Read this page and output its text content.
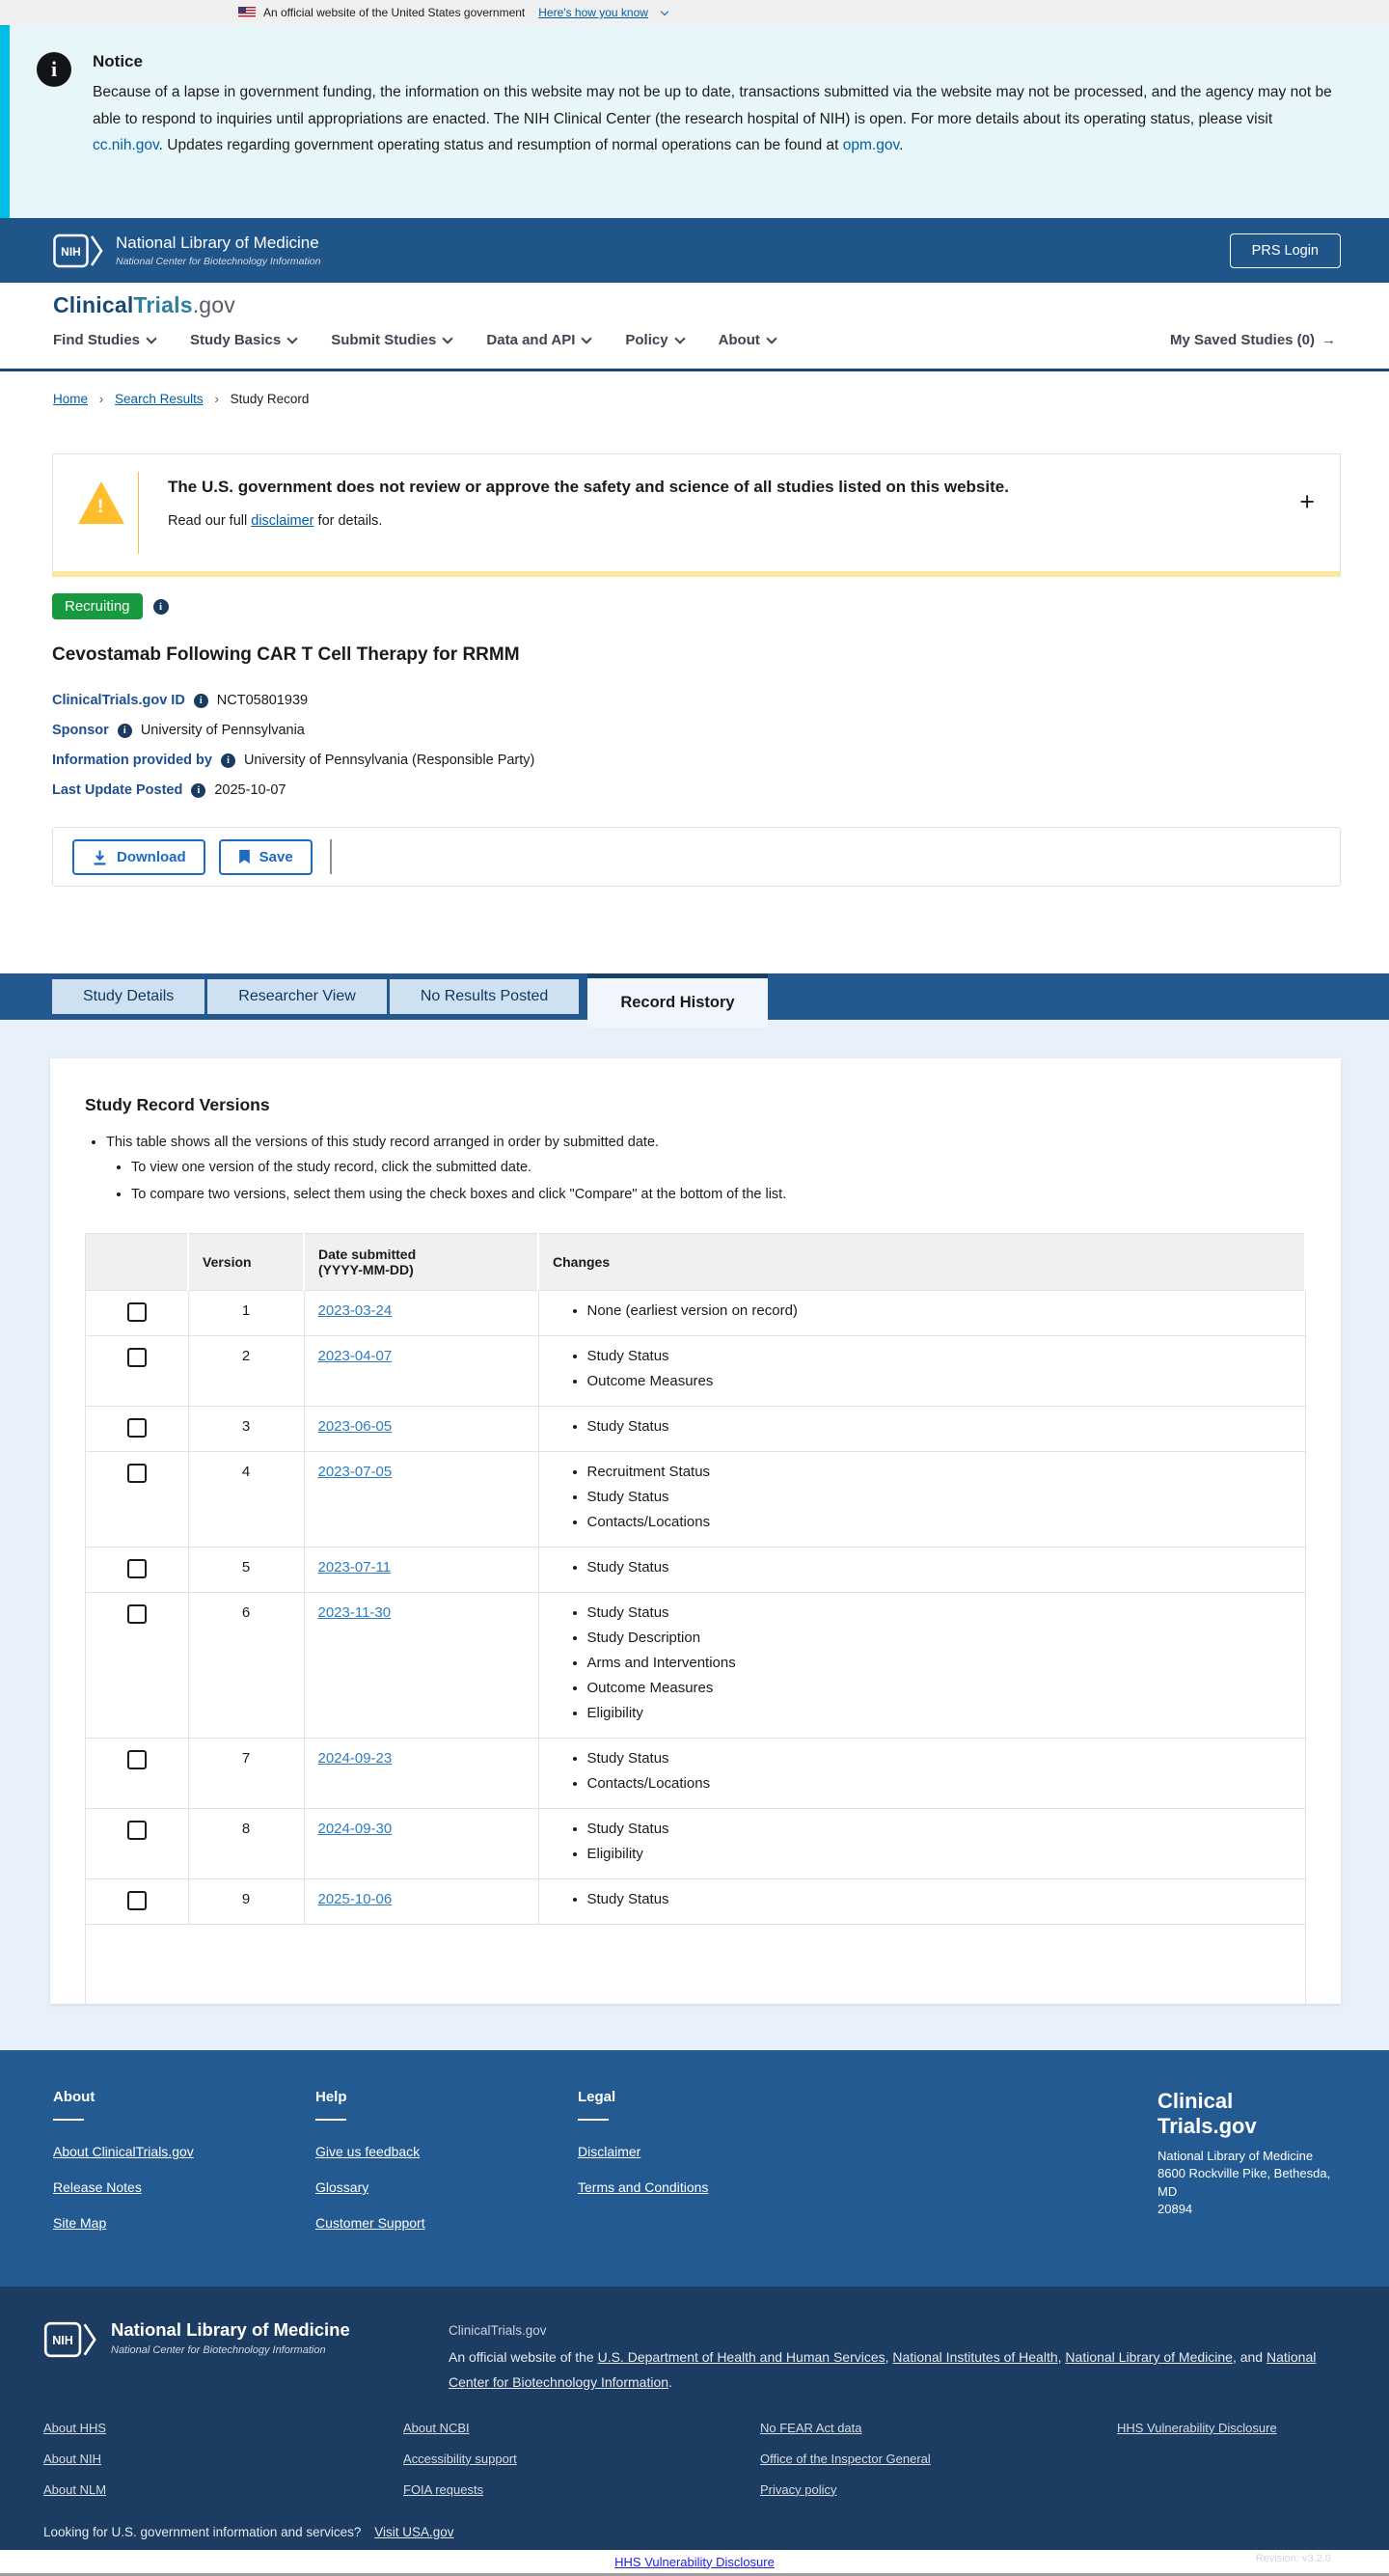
An official website of the United States government Here's how you know
i	Notice
Because of a lapse in government funding, the information on this website may not be up to date, transactions submitted via the website may not be processed, and the agency may not be able to respond to inquiries until appropriations are enacted. The NIH Clinical Center (the research hospital of NIH) is open. For more details about its operating status, please visit cc.nih.gov. Updates regarding government operating status and resumption of normal operations can be found at opm.gov.
NIH National Library of Medicine
National Center for Biotechnology Information
PRS Login
ClinicalTrials.gov
Find Studies	Study Basics	Submit Studies	Data and API	Policy	About	My Saved Studies (0) →
Home › Search Results › Study Record
!
The U.S. government does not review or approve the safety and science of all studies listed on this website.
Read our full disclaimer for details.
+
Recruiting	i
Cevostamab Following CAR T Cell Therapy for RRMM
ClinicalTrials.gov ID	i	NCT05801939
Sponsor	i	University of Pennsylvania
Information provided by	i	University of Pennsylvania (Responsible Party)
Last Update Posted	i	2025-10-07
Download	Save
Study Details	Researcher View	No Results Posted	Record History
Study Record Versions
• This table shows all the versions of this study record arranged in order by submitted date.
• To view one version of the study record, click the submitted date.
• To compare two versions, select them using the check boxes and click "Compare" at the bottom of the list.
	Version	Date submitted
(YYYY-MM-DD)	Changes
	1	2023-03-24	
•None (earliest version on record)

	2	2023-04-07	
•Study Status
• Outcome Measures

	3	2023-06-05	
•Study Status

	4	2023-07-05	
•Recruitment Status
• Study Status
• Contacts/Locations

	5	2023-07-11	
•Study Status

	6	2023-11-30	
•Study Status
• Study Description
• Arms and Interventions
• Outcome Measures
• Eligibility

	7	2024-09-23	
•Study Status
• Contacts/Locations

	8	2024-09-30	
•Study Status
• Eligibility

	9	2025-10-06	
•Study Status

About
About ClinicalTrials.gov
Release Notes
Site Map
Help
Give us feedback
Glossary
Customer Support
Legal
Disclaimer
Terms and Conditions
Clinical
Trials.gov
National Library of Medicine
8600 Rockville Pike, Bethesda, MD
20894
NIH
National Library of Medicine
National Center for Biotechnology Information
ClinicalTrials.gov
An official website of the U.S. Department of Health and Human Services, National Institutes of Health, National Library of Medicine, and National Center for Biotechnology Information.
About HHS
About NIH
About NLM
About NCBI
Accessibility support
FOIA requests
No FEAR Act data
Office of the Inspector General
Privacy policy
HHS Vulnerability Disclosure
Looking for U.S. government information and services? Visit USA.gov
Revision: v3.2.0
HHS Vulnerability Disclosure
